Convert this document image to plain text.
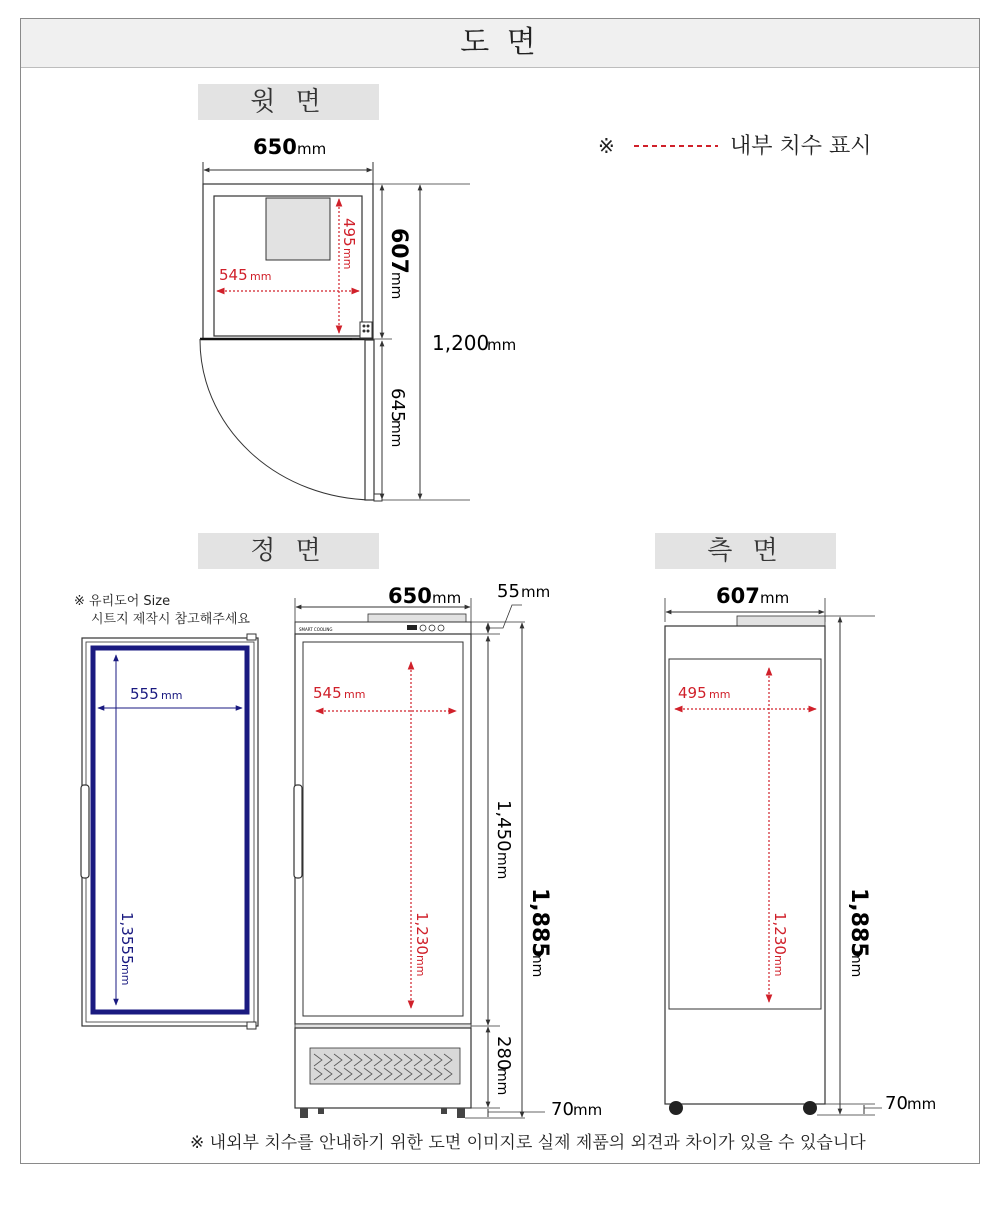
도 면
윗 면
정 면	측 면
※	내부 치수 표시
650 mm
545 mm
495
mm 607
mm
645
mm
1,200
mm
※ 유리도어 Size
시트지 제작시 참고해주세요
555 mm
1,3555
mm
650 mm
SMART COOLING
545 mm
1,230
mm
55 mm
1,450
mm
280
mm
70 mm
1,885
mm
607 mm
495 mm
1,230
mm
1,885
mm
70 mm
※ 내외부 치수를 안내하기 위한 도면 이미지로 실제 제품의 외견과 차이가 있을 수 있습니다
